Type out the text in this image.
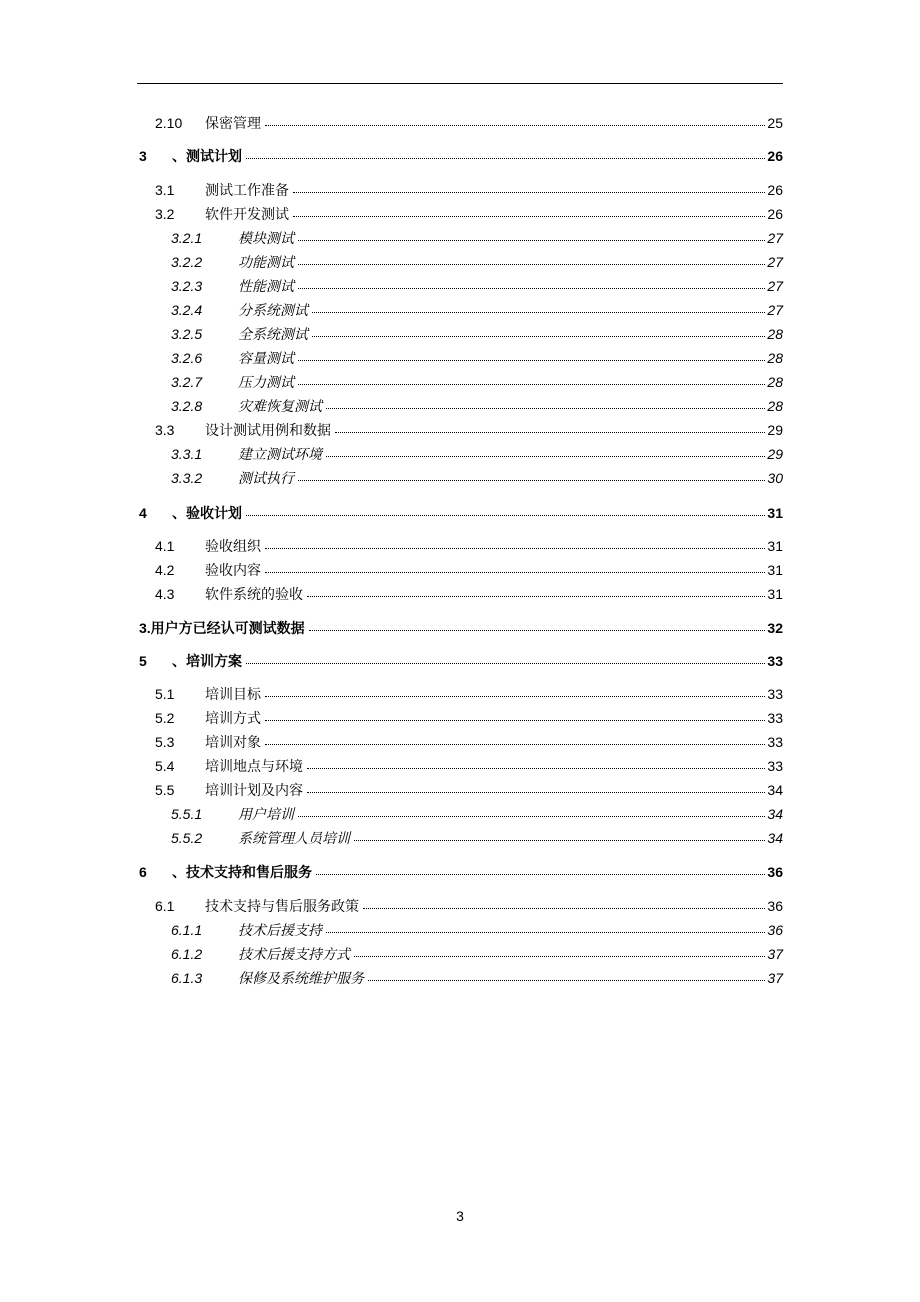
2.10 保密管理	25
3 、测试计划	26
3.1 测试工作准备	26
3.2 软件开发测试	26
3.2.1	模块测试	27
3.2.2	功能测试	27
3.2.3	性能测试	27
3.2.4	分系统测试	27
3.2.5	全系统测试	28
3.2.6	容量测试	28
3.2.7	压力测试	28
3.2.8	灾难恢复测试	28
3.3 设计测试用例和数据	29
3.3.1	建立测试环境	29
3.3.2	测试执行	30
4 、验收计划	31
4.1 验收组织	31
4.2 验收内容	31
4.3 软件系统的验收	31
3.用户方已经认可测试数据	32
5 、培训方案	33
5.1 培训目标	33
5.2 培训方式	33
5.3 培训对象	33
5.4 培训地点与环境	33
5.5 培训计划及内容	34
5.5.1	用户培训	34
5.5.2	系统管理人员培训	34
6 、技术支持和售后服务	36
6.1 技术支持与售后服务政策	36
6.1.1	技术后援支持	36
6.1.2	技术后援支持方式	37
6.1.3	保修及系统维护服务	37
3
